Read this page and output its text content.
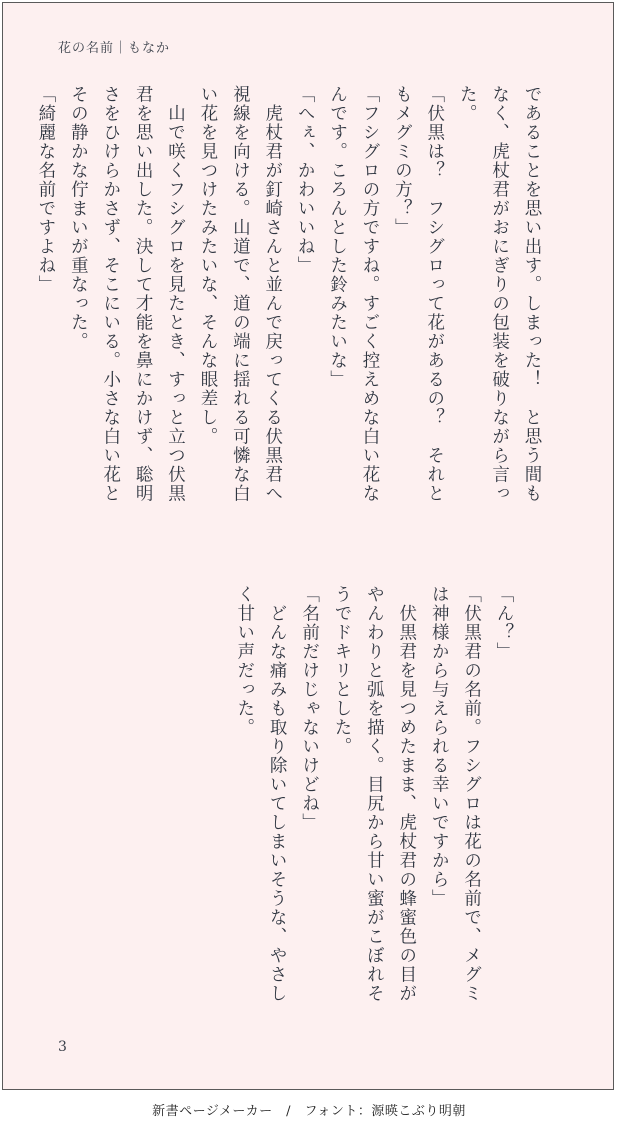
花の名前｜もなか

であることを思い出す。しまった！　と思う間も

なく、虎杖君がおにぎりの包装を破りながら言っ

た。

「伏黒は？　フシグロって花があるの？　それと

もメグミの方？」

「フシグロの方ですね。すごく控えめな白い花な

んです。ころんとした鈴みたいな」

「へぇ、かわいいね」

　虎杖君が釘崎さんと並んで戻ってくる伏黒君へ

視線を向ける。山道で、道の端に揺れる可憐な白

い花を見つけたみたいな、そんな眼差し。

　山で咲くフシグロを見たとき、すっと立つ伏黒

君を思い出した。決して才能を鼻にかけず、聡明

さをひけらかさず、そこにいる。小さな白い花と

その静かな佇まいが重なった。

「綺麗な名前ですよね」

「ん？」

「伏黒君の名前。フシグロは花の名前で、メグミ

は神様から与えられる幸いですから」

　伏黒君を見つめたまま、虎杖君の蜂蜜色の目が

やんわりと弧を描く。目尻から甘い蜜がこぼれそ

うでドキリとした。

「名前だけじゃないけどね」

　どんな痛みも取り除いてしまいそうな、やさし

く甘い声だった。

3
新書ページメーカー　/　フォント：源暎こぶり明朝
